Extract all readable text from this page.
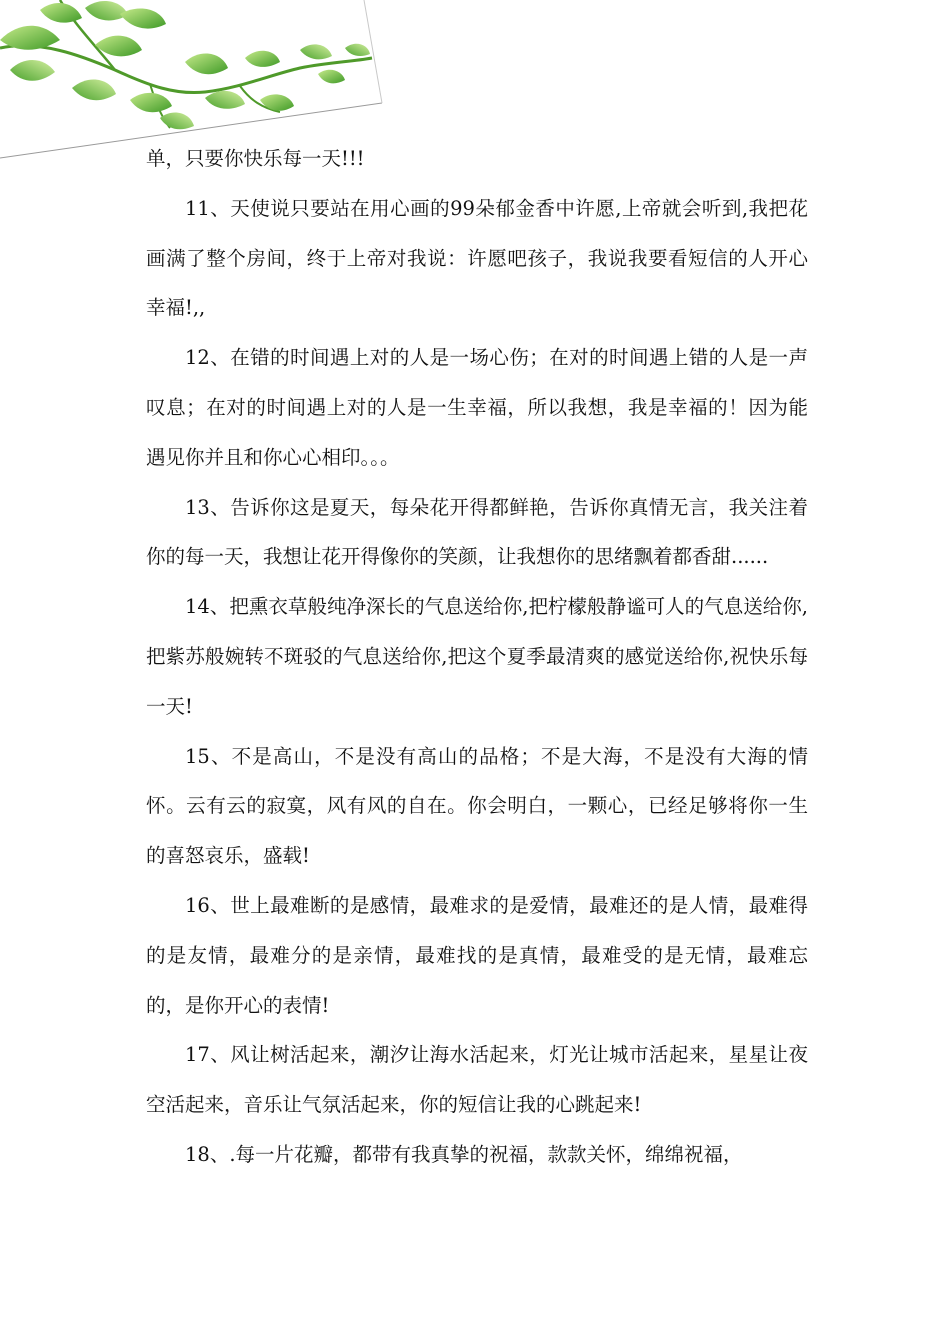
单，只要你快乐每一天!!!

11、天使说只要站在用心画的99朵郁金香中许愿,上帝就会听到,我把花画满了整个房间，终于上帝对我说：许愿吧孩子，我说我要看短信的人开心幸福!,,

12、在错的时间遇上对的人是一场心伤；在对的时间遇上错的人是一声叹息；在对的时间遇上对的人是一生幸福，所以我想，我是幸福的！因为能遇见你并且和你心心相印。。。

13、告诉你这是夏天，每朵花开得都鲜艳，告诉你真情无言，我关注着你的每一天，我想让花开得像你的笑颜，让我想你的思绪飘着都香甜......

14、把熏衣草般纯净深长的气息送给你,把柠檬般静谧可人的气息送给你,把紫苏般婉转不斑驳的气息送给你,把这个夏季最清爽的感觉送给你,祝快乐每一天!

15、不是高山，不是没有高山的品格；不是大海，不是没有大海的情怀。云有云的寂寞，风有风的自在。你会明白，一颗心，已经足够将你一生的喜怒哀乐，盛载!

16、世上最难断的是感情，最难求的是爱情，最难还的是人情，最难得的是友情，最难分的是亲情，最难找的是真情，最难受的是无情，最难忘的，是你开心的表情!

17、风让树活起来，潮汐让海水活起来，灯光让城市活起来，星星让夜空活起来，音乐让气氛活起来，你的短信让我的心跳起来!

18、.每一片花瓣，都带有我真挚的祝福，款款关怀，绵绵祝福，
